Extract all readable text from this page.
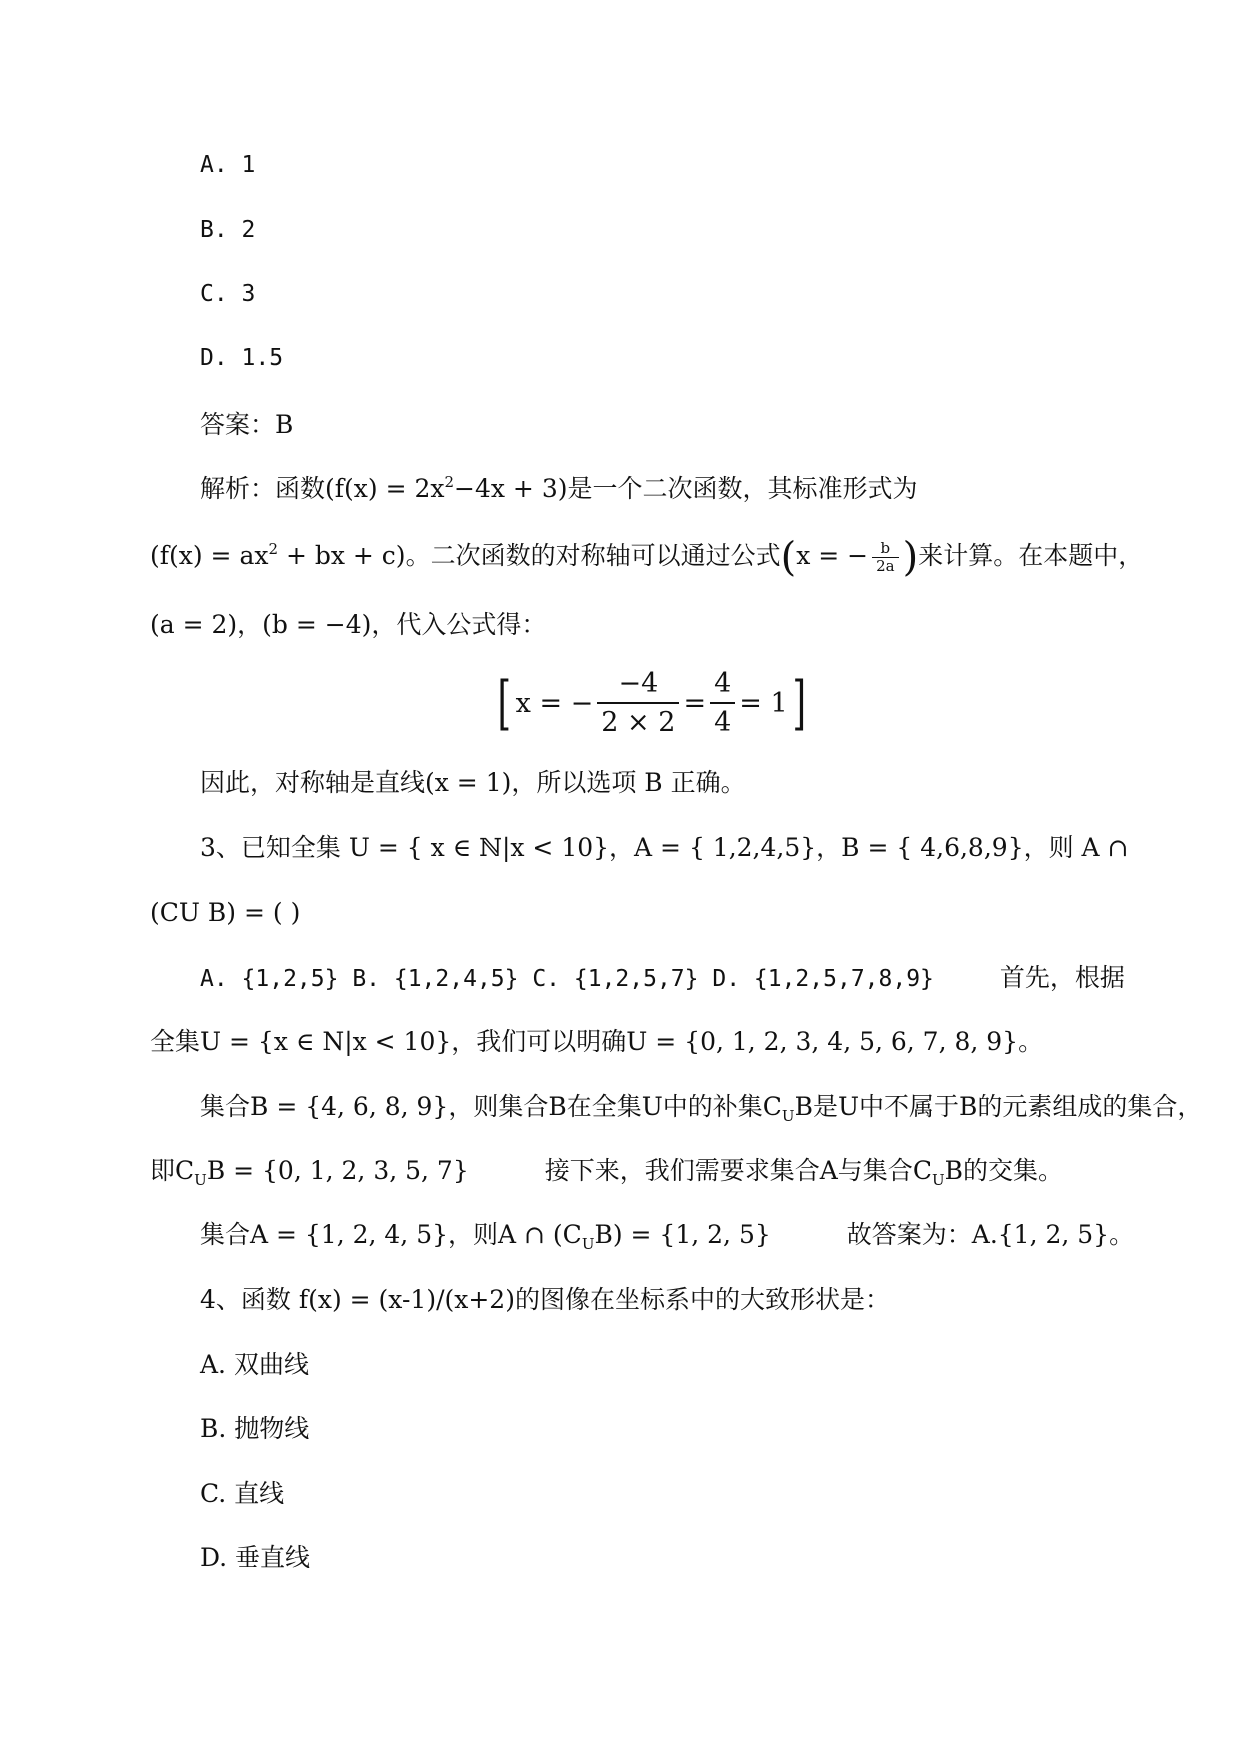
A. 1
B. 2
C. 3
D. 1.5
答案：B
解析：函数$(f(x) = 2x^2-4x + 3)$是一个二次函数，其标准形式为
($f(x) = ax^2$ + bx + c)。二次函数的对称轴可以通过公式(x = − $\frac{b}{2a}$ )来计算。在本题中，
(a = 2)，(b = −4)，代入公式得：
[ x = − $\frac{-4}{2 \times 2} = \frac{4}{4} = 1$ ]
因此，对称轴是直线(x = 1)，所以选项 B 正确。
3、已知全集 U = { x ∈ ℕ|x < 10}，A = { 1,2,4,5}，B = { 4,6,8,9}，则 A ∩
(CU B) = ( )
A. {1,2,5} B. {1,2,4,5} C. {1,2,5,7} D. {1,2,5,7,8,9}	首先，根据
全集U = {x ∈ N|x < 10}，我们可以明确U = {0, 1, 2, 3, 4, 5, 6, 7, 8, 9}。
集合B = {4, 6, 8, 9}，则集合B在全集U中的补集$C_UB$是U中不属于B的元素组成的集合，
即$C_UB = \{0$, 1, 2, 3, 5, 7}	接下来，我们需要求集合A与集合$C_UB$的交集。
集合A = {1, 2, 4, 5}，则A ∩ $(C_UB) = \{1$, 2, 5}	故答案为：A.{1, 2, 5}。
4、函数 f(x) = (x-1)/(x+2)的图像在坐标系中的大致形状是：
A. 双曲线
B. 抛物线
C. 直线
D. 垂直线
